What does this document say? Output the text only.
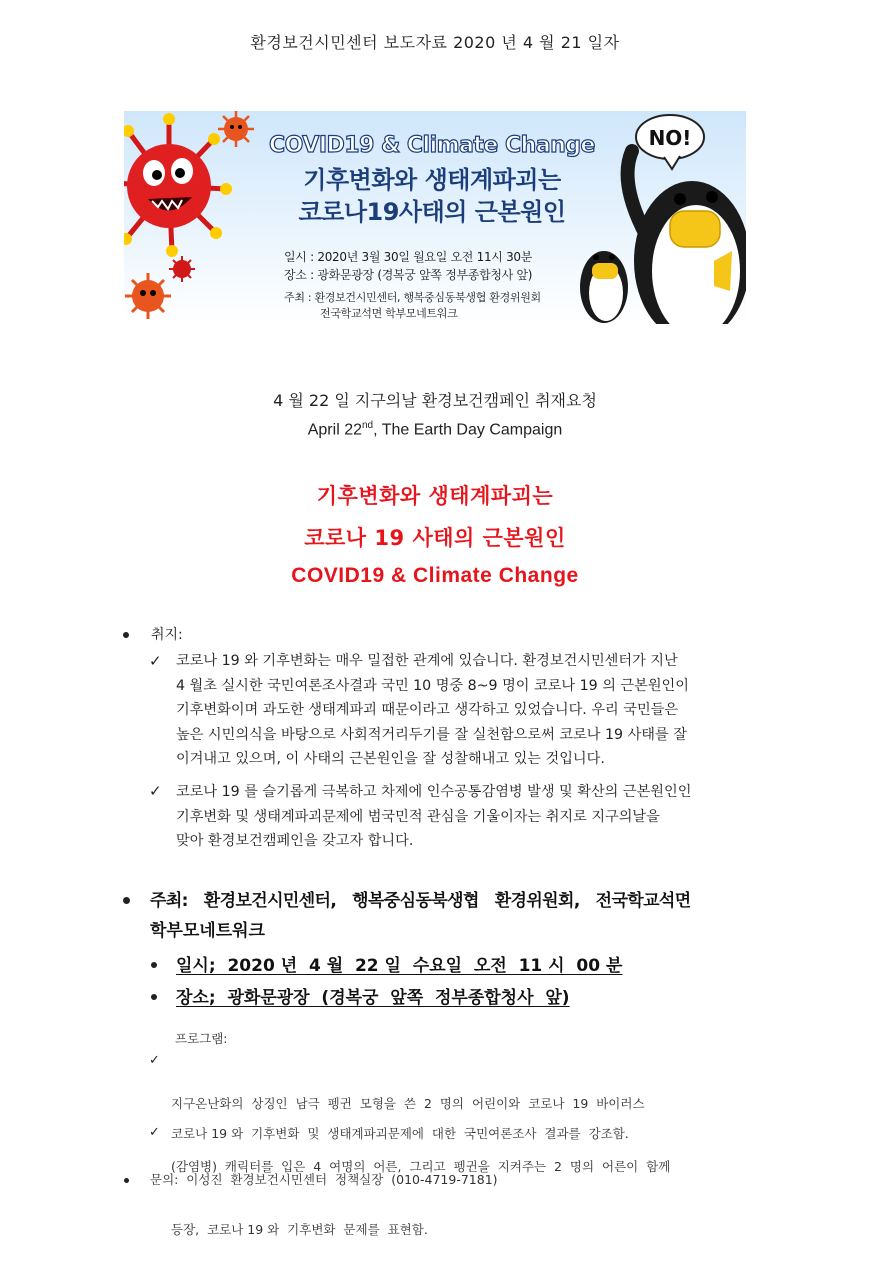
환경보건시민센터 보도자료 2020 년 4 월 21 일자
NO!
COVID19 & Climate Change
기후변화와 생태계파괴는
코로나19사태의 근본원인
일시 : 2020년 3월 30일 월요일 오전 11시 30분
장소 : 광화문광장 (경복궁 앞쪽 정부종합청사 앞)
주최 : 환경보건시민센터, 행복중심동북생협 환경위원회
전국학교석면 학부모네트워크
4 월 22 일 지구의날 환경보건캠페인 취재요청
April 22nd, The Earth Day Campaign
기후변화와 생태계파괴는
코로나 19 사태의 근본원인
COVID19 & Climate Change
취지:
✓ 코로나 19 와 기후변화는 매우 밀접한 관계에 있습니다. 환경보건시민센터가 지난
4 월초 실시한 국민여론조사결과 국민 10 명중 8~9 명이 코로나 19 의 근본원인이
기후변화이며 과도한 생태계파괴 때문이라고 생각하고 있었습니다. 우리 국민들은
높은 시민의식을 바탕으로 사회적거리두기를 잘 실천함으로써 코로나 19 사태를 잘
이겨내고 있으며, 이 사태의 근본원인을 잘 성찰해내고 있는 것입니다.
✓ 코로나 19 를 슬기롭게 극복하고 차제에 인수공통감염병 발생 및 확산의 근본원인인
기후변화 및 생태계파괴문제에 범국민적 관심을 기울이자는 취지로 지구의날을
맞아 환경보건캠페인을 갖고자 합니다.
주최:   환경보건시민센터,   행복중심동북생협   환경위원회,   전국학교석면
학부모네트워크
일시;  2020 년  4 월  22 일  수요일  오전  11 시  00 분
장소;  광화문광장  (경복궁  앞쪽  정부종합청사  앞)
프로그램:
✓

지구온난화의  상징인  남극  펭귄  모형을  쓴  2  명의  어린이와  코로나  19  바이러스

(감염병)  캐릭터를  입은  4  여명의  어른,  그리고  펭귄을  지켜주는  2  명의  어른이  함께

등장,  코로나 19 와  기후변화  문제를  표현함.

✓ 코로나 19 와  기후변화  및  생태계파괴문제에  대한  국민여론조사  결과를  강조함.
문의:  이성진  환경보건시민센터  정책실장  (010-4719-7181)
